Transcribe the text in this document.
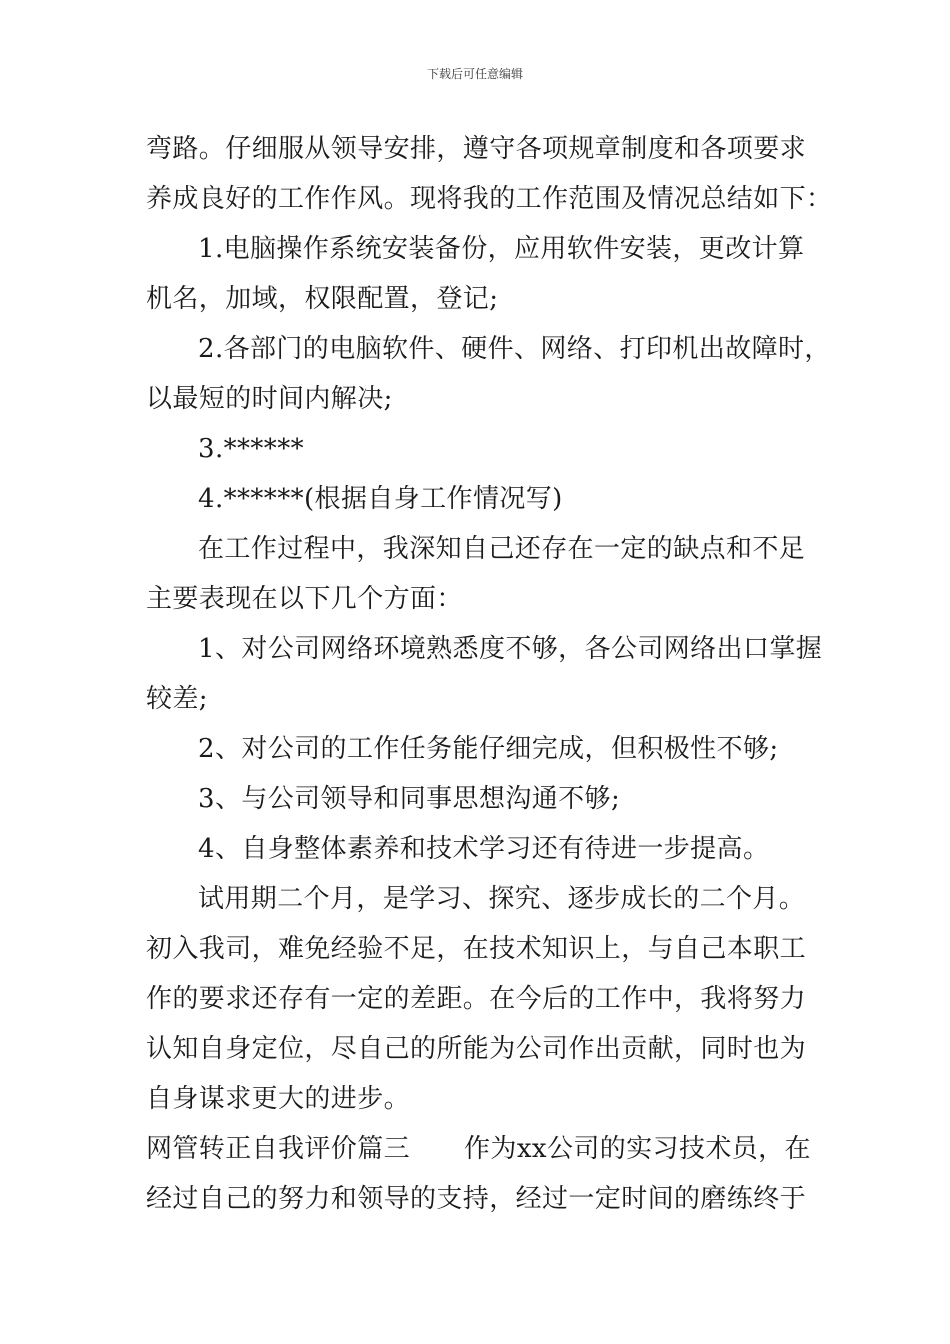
下载后可任意编辑
弯路。仔细服从领导安排，遵守各项规章制度和各项要求
养成良好的工作作风。现将我的工作范围及情况总结如下：
1.电脑操作系统安装备份，应用软件安装，更改计算
机名，加域，权限配置，登记;
2.各部门的电脑软件、硬件、网络、打印机出故障时，
以最短的时间内解决;
3.******
4.******(根据自身工作情况写)
在工作过程中，我深知自己还存在一定的缺点和不足
主要表现在以下几个方面：
1、对公司网络环境熟悉度不够，各公司网络出口掌握
较差;
2、对公司的工作任务能仔细完成，但积极性不够;
3、与公司领导和同事思想沟通不够;
4、自身整体素养和技术学习还有待进一步提高。
试用期二个月，是学习、探究、逐步成长的二个月。
初入我司，难免经验不足，在技术知识上，与自己本职工
作的要求还存有一定的差距。在今后的工作中，我将努力
认知自身定位，尽自己的所能为公司作出贡献，同时也为
自身谋求更大的进步。
网管转正自我评价篇三 作为xx公司的实习技术员，在
经过自己的努力和领导的支持，经过一定时间的磨练终于
